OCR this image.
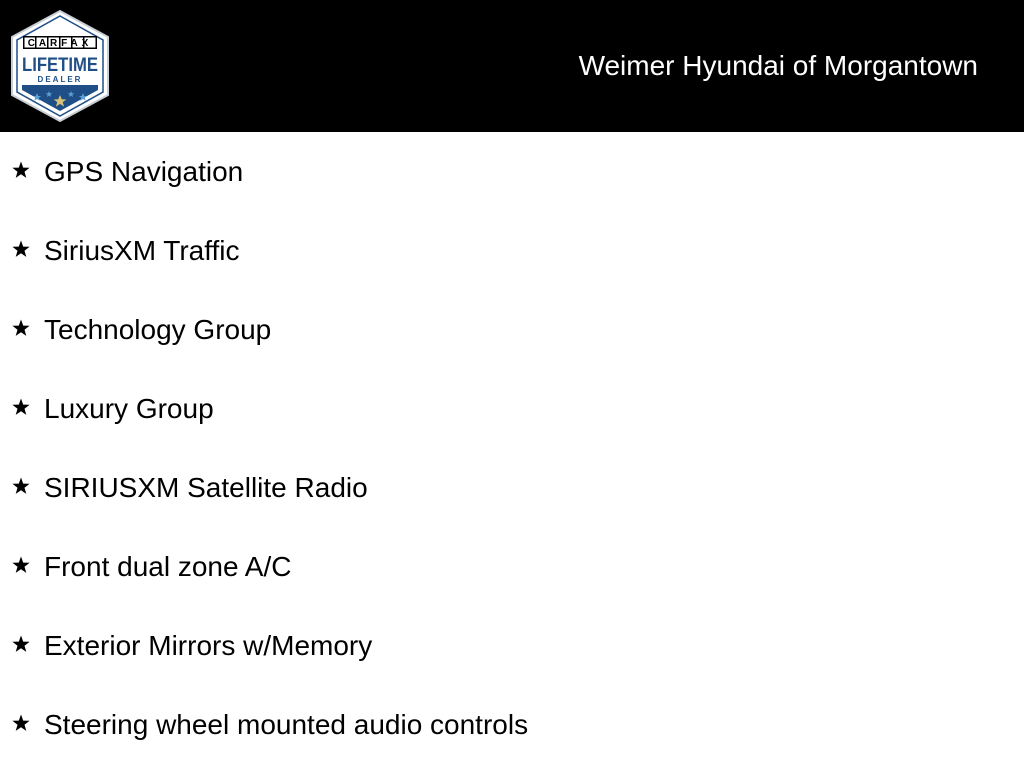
CARFAX
LIFETIME
DEALER	Weimer Hyundai of Morgantown
GPS Navigation
SiriusXM Traffic
Technology Group
Luxury Group
SIRIUSXM Satellite Radio
Front dual zone A/C
Exterior Mirrors w/Memory
Steering wheel mounted audio controls
